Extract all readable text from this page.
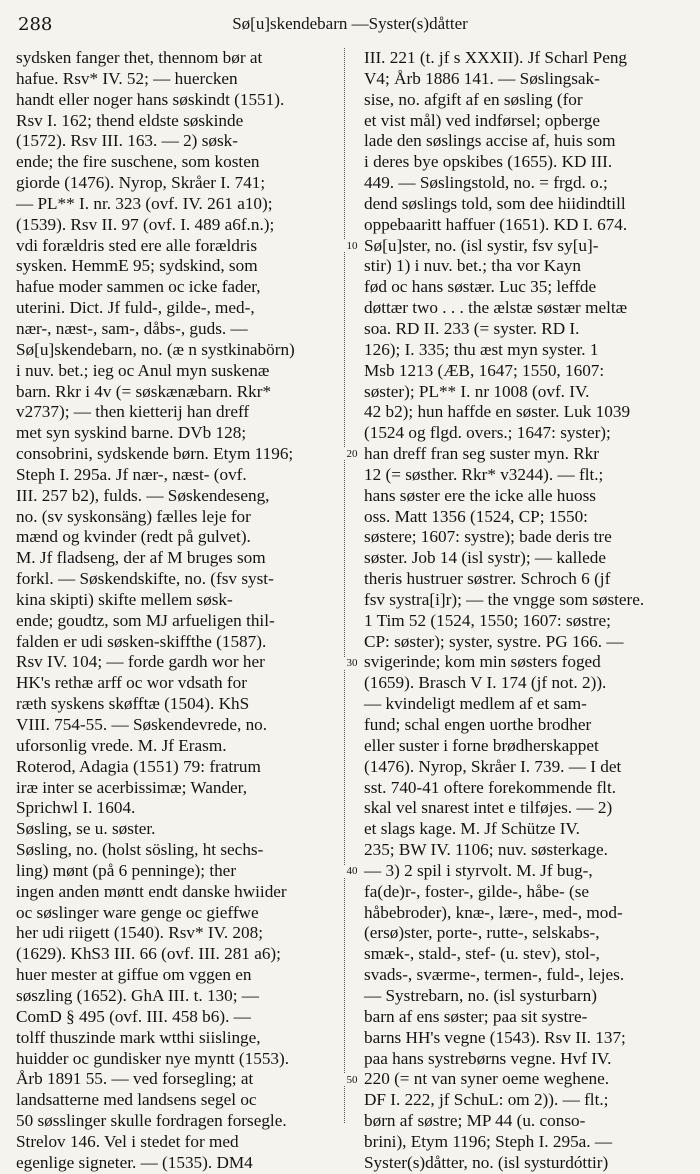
288	Sø[u]skendebarn —Syster(s)dåtter
sydsken fanger thet, thennom bør at
hafue. Rsv* IV. 52; — huercken
handt eller noger hans søskindt (1551).
Rsv I. 162; thend eldste søskinde
(1572). Rsv III. 163. — 2) søsk-
ende; the fire suschene, som kosten
giorde (1476). Nyrop, Skråer I. 741;
— PL** I. nr. 323 (ovf. IV. 261 a10);
(1539). Rsv II. 97 (ovf. I. 489 a6f.n.);
vdi forældris sted ere alle forældris
sysken. HemmE 95; sydskind, som
hafue moder sammen oc icke fader,
uterini. Dict. Jf fuld-, gilde-, med-,
nær-, næst-, sam-, dåbs-, guds. —
Sø[u]skendebarn, no. (æ n systkinabörn)
i nuv. bet.; ieg oc Anul myn suskenæ
barn. Rkr i 4v (= søskænæbarn. Rkr*
v2737); — then kietterij han dreff
met syn syskind barne. DVb 128;
consobrini, sydskende børn. Etym 1196;
Steph I. 295a. Jf nær-, næst- (ovf.
III. 257 b2), fulds. — Søskendeseng,
no. (sv syskonsäng) fælles leje for
mænd og kvinder (redt på gulvet).
M. Jf fladseng, der af M bruges som
forkl. — Søskendskifte, no. (fsv syst-
kina skipti) skifte mellem søsk-
ende; goudtz, som MJ arfueligen thil-
falden er udi søsken-skiffthe (1587).
Rsv IV. 104; — forde gardh wor her
HK's rethæ arff oc wor vdsath for
ræth syskens skøfftæ (1504). KhS
VIII. 754-55. — Søskendevrede, no.
uforsonlig vrede. M. Jf Erasm.
Roterod, Adagia (1551) 79: fratrum
iræ inter se acerbissimæ; Wander,
Sprichwl I. 1604.
Søsling, se u. søster.
Søsling, no. (holst sösling, ht sechs-
ling) mønt (på 6 penninge); ther
ingen anden møntt endt danske hwiider
oc søslinger ware genge oc gieffwe
her udi riigett (1540). Rsv* IV. 208;
(1629). KhS3 III. 66 (ovf. III. 281 a6);
huer mester at giffue om vggen en
søszling (1652). GhA III. t. 130; —
ComD § 495 (ovf. III. 458 b6). —
tolff thuszinde mark wtthi siislinge,
huidder oc gundisker nye myntt (1553).
Årb 1891 55. — ved forsegling; at
landsatterne med landsens segel oc
50 søsslinger skulle fordragen forsegle.
Strelov 146. Vel i stedet for med
egenlige signeter. — (1535). DM4
III. 221 (t. jf s XXXII). Jf Scharl Peng
V4; Årb 1886 141. — Søslingsak-
sise, no. afgift af en søsling (for
et vist mål) ved indførsel; opberge
lade den søslings accise af, huis som
i deres bye opskibes (1655). KD III.
449. — Søslingstold, no. = frgd. o.;
dend søslings told, som dee hiidindtill
oppebaaritt haffuer (1651). KD I. 674.
Sø[u]ster, no. (isl systir, fsv sy[u]-
stir) 1) i nuv. bet.; tha vor Kayn
fød oc hans søstær. Luc 35; leffde
døttær two . . . the ælstæ søstær meltæ
soa. RD II. 233 (= syster. RD I.
126); I. 335; thu æst myn syster. 1
Msb 1213 (ÆB, 1647; 1550, 1607:
søster); PL** I. nr 1008 (ovf. IV.
42 b2); hun haffde en søster. Luk 1039
(1524 og flgd. overs.; 1647: syster);
han dreff fran seg suster myn. Rkr
12 (= søsther. Rkr* v3244). — flt.;
hans søster ere the icke alle huoss
oss. Matt 1356 (1524, CP; 1550:
søstere; 1607: systre); bade deris tre
søster. Job 14 (isl systr); — kallede
theris hustruer søstrer. Schroch 6 (jf
fsv systra[i]r); — the vngge som søstere.
1 Tim 52 (1524, 1550; 1607: søstre;
CP: søster); syster, systre. PG 166. —
svigerinde; kom min søsters foged
(1659). Brasch V I. 174 (jf not. 2)).
— kvindeligt medlem af et sam-
fund; schal engen uorthe brodher
eller suster i forne brødherskappet
(1476). Nyrop, Skråer I. 739. — I det
sst. 740-41 oftere forekommende flt.
skal vel snarest intet e tilføjes. — 2)
et slags kage. M. Jf Schütze IV.
235; BW IV. 1106; nuv. søsterkage.
— 3) 2 spil i styrvolt. M. Jf bug-,
fa(de)r-, foster-, gilde-, håbe- (se
håbebroder), knæ-, lære-, med-, mod-
(ersø)ster, porte-, rutte-, selskabs-,
smæk-, stald-, stef- (u. stev), stol-,
svads-, sværme-, termen-, fuld-, lejes.
— Systrebarn, no. (isl systurbarn)
barn af ens søster; paa sit systre-
barns HH's vegne (1543). Rsv II. 137;
paa hans systrebørns vegne. Hvf IV.
220 (= nt van syner oeme weghene.
DF I. 222, jf SchuL: om 2)). — flt.;
børn af søstre; MP 44 (u. conso-
brini), Etym 1196; Steph I. 295a. —
Syster(s)dåtter, no. (isl systurdóttir)
10
20
30
40
50
